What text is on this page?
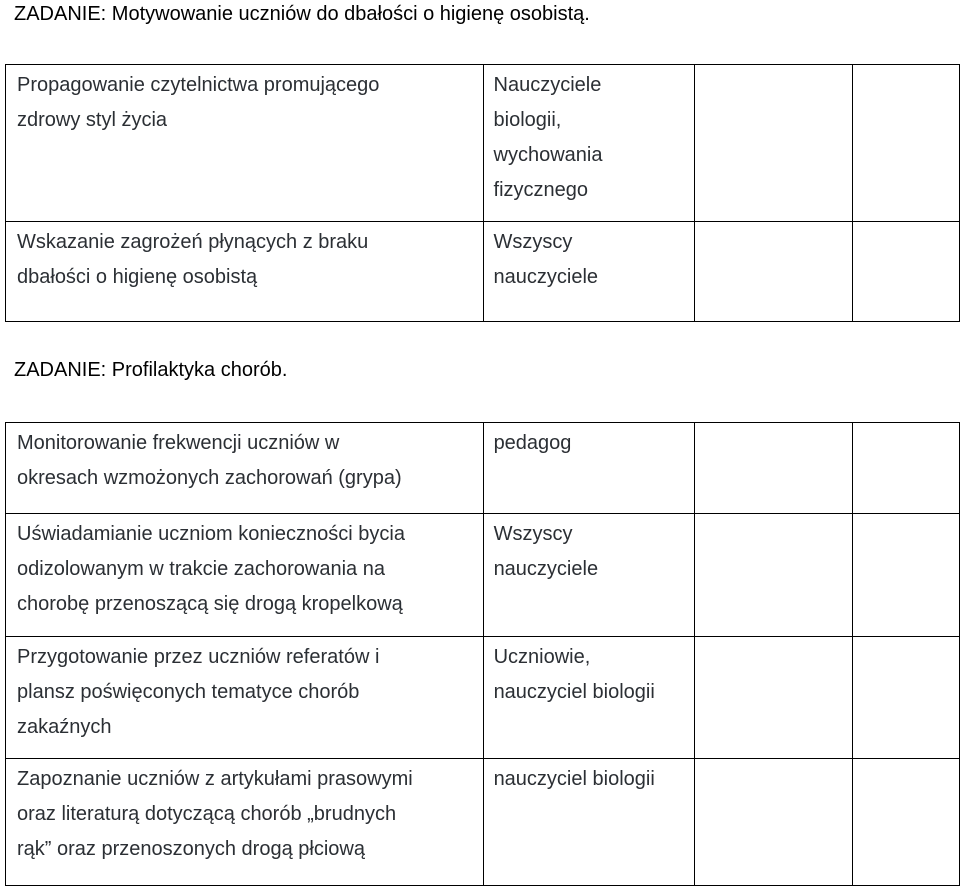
ZADANIE: Motywowanie uczniów do dbałości o higienę osobistą.
Propagowanie czytelnictwa promującego
zdrowy styl życia	Nauczyciele
biologii,
wychowania
fizycznego		

Wskazanie zagrożeń płynących z braku
dbałości o higienę osobistą	Wszyscy
nauczyciele		

ZADANIE: Profilaktyka chorób.
Monitorowanie frekwencji uczniów w
okresach wzmożonych zachorowań (grypa)	pedagog		

Uświadamianie uczniom konieczności bycia
odizolowanym w trakcie zachorowania na
chorobę przenoszącą się drogą kropelkową	Wszyscy
nauczyciele		

Przygotowanie przez uczniów referatów i
plansz poświęconych tematyce chorób
zakaźnych	Uczniowie,
nauczyciel biologii		

Zapoznanie uczniów z artykułami prasowymi
oraz literaturą dotyczącą chorób „brudnych
rąk” oraz przenoszonych drogą płciową	nauczyciel biologii		
